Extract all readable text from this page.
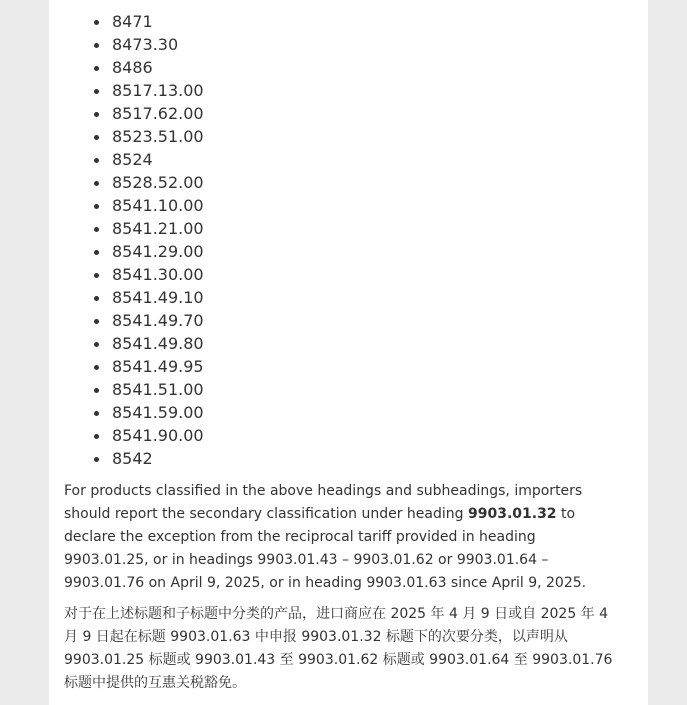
8471
8473.30
8486
8517.13.00
8517.62.00
8523.51.00
8524
8528.52.00
8541.10.00
8541.21.00
8541.29.00
8541.30.00
8541.49.10
8541.49.70
8541.49.80
8541.49.95
8541.51.00
8541.59.00
8541.90.00
8542

For products classified in the above headings and subheadings, importers should report the secondary classification under heading 9903.01.32 to declare the exception from the reciprocal tariff provided in heading 9903.01.25, or in headings 9903.01.43 – 9903.01.62 or 9903.01.64 – 9903.01.76 on April 9, 2025, or in heading 9903.01.63 since April 9, 2025.

对于在上述标题和子标题中分类的产品，进口商应在 2025 年 4 月 9 日或自 2025 年 4 月 9 日起在标题 9903.01.63 中申报 9903.01.32 标题下的次要分类，以声明从 9903.01.25 标题或 9903.01.43 至 9903.01.62 标题或 9903.01.64 至 9903.01.76 标题中提供的互惠关税豁免。
